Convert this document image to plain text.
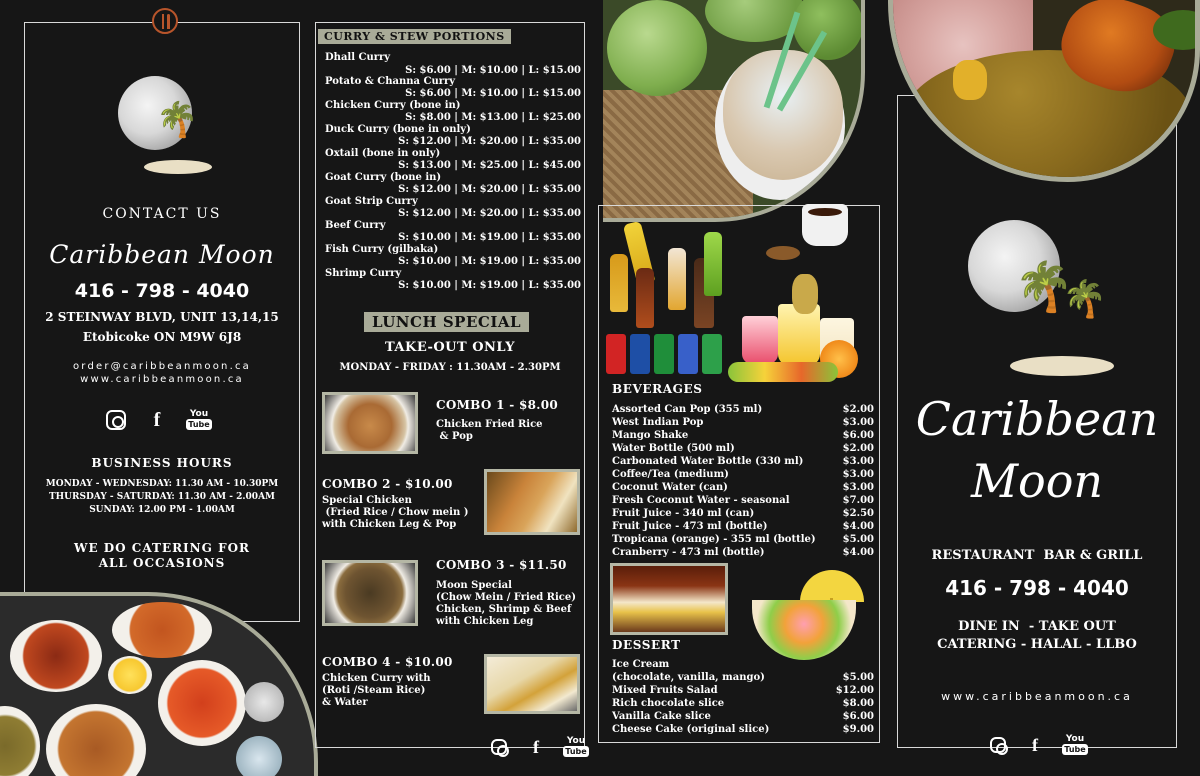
🌴
CONTACT US
Caribbean Moon
416 - 798 - 4040
2 STEINWAY BLVD, UNIT 13,14,15
Etobicoke ON M9W 6J8
order@caribbeanmoon.ca
www.caribbeanmoon.ca
f	You
Tube
BUSINESS HOURS
MONDAY - WEDNESDAY: 11.30 AM - 10.30PM
THURSDAY - SATURDAY: 11.30 AM - 2.00AM
SUNDAY: 12.00 PM - 1.00AM
WE DO CATERING FOR
ALL OCCASIONS
CURRY & STEW PORTIONS
Dhall Curry
S: $6.00 | M: $10.00 | L: $15.00
Potato & Channa Curry
S: $6.00 | M: $10.00 | L: $15.00
Chicken Curry (bone in)
S: $8.00 | M: $13.00 | L: $25.00
Duck Curry (bone in only)
S: $12.00 | M: $20.00 | L: $35.00
Oxtail (bone in only)
S: $13.00 | M: $25.00 | L: $45.00
Goat Curry (bone in)
S: $12.00 | M: $20.00 | L: $35.00
Goat Strip Curry
S: $12.00 | M: $20.00 | L: $35.00
Beef Curry
S: $10.00 | M: $19.00 | L: $35.00
Fish Curry (gilbaka)
S: $10.00 | M: $19.00 | L: $35.00
Shrimp Curry
S: $10.00 | M: $19.00 | L: $35.00
LUNCH SPECIAL
TAKE-OUT ONLY
MONDAY - FRIDAY : 11.30AM - 2.30PM
COMBO 1 - $8.00
Chicken Fried Rice
& Pop
COMBO 2 - $10.00
Special Chicken
(Fried Rice / Chow mein )
with Chicken Leg & Pop
COMBO 3 - $11.50
Moon Special
(Chow Mein / Fried Rice)
Chicken, Shrimp & Beef
with Chicken Leg
COMBO 4 - $10.00
Chicken Curry with
(Roti /Steam Rice)
& Water
f	You
Tube
BEVERAGES
Assorted Can Pop (355 ml)	$2.00
West Indian Pop	$3.00
Mango Shake	$6.00
Water Bottle (500 ml)	$2.00
Carbonated Water Bottle (330 ml)	$3.00
Coffee/Tea (medium)	$3.00
Coconut Water (can)	$3.00
Fresh Coconut Water - seasonal	$7.00
Fruit Juice - 340 ml (can)	$2.50
Fruit Juice - 473 ml (bottle)	$4.00
Tropicana (orange) - 355 ml (bottle)	$5.00
Cranberry - 473 ml (bottle)	$4.00
DESSERT
Ice Cream
(chocolate, vanilla, mango)	$5.00
Mixed Fruits Salad	$12.00
Rich chocolate slice	$8.00
Vanilla Cake slice	$6.00
Cheese Cake (original slice)	$9.00
🌴
🌴
Caribbean
Moon
RESTAURANT  BAR & GRILL
416 - 798 - 4040
DINE IN  - TAKE OUT
CATERING - HALAL - LLBO
www.caribbeanmoon.ca
f	You
Tube
